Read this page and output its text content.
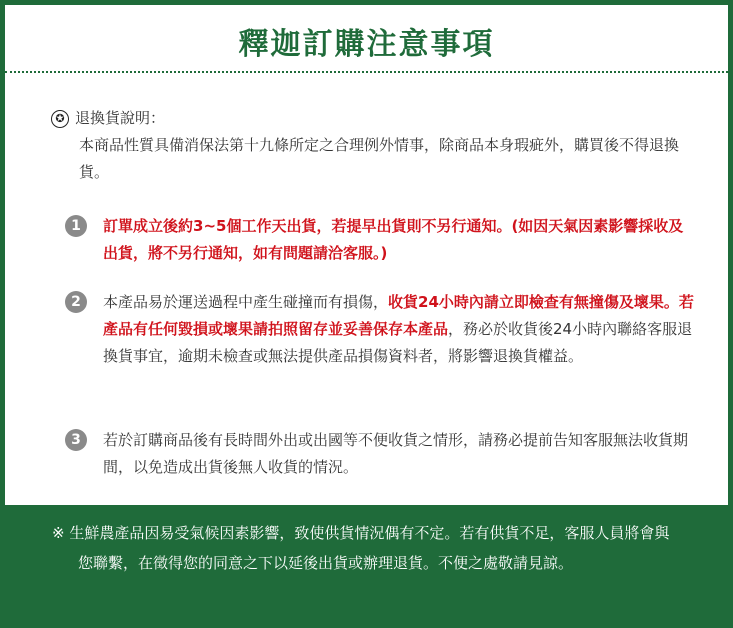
釋迦訂購注意事項
✪ 退換貨說明：
本商品性質具備消保法第十九條所定之合理例外情事，除商品本身瑕疵外，購買後不得退換貨。
1	訂單成立後約3~5個工作天出貨，若提早出貨則不另行通知。(如因天氣因素影響採收及出貨，將不另行通知，如有問題請洽客服。)
2	本產品易於運送過程中產生碰撞而有損傷，收貨24小時內請立即檢查有無撞傷及壞果。若產品有任何毀損或壞果請拍照留存並妥善保存本產品，務必於收貨後24小時內聯絡客服退換貨事宜，逾期未檢查或無法提供產品損傷資料者，將影響退換貨權益。
3	若於訂購商品後有長時間外出或出國等不便收貨之情形，請務必提前告知客服無法收貨期間，以免造成出貨後無人收貨的情況。
※ 生鮮農產品因易受氣候因素影響，致使供貨情況偶有不定。若有供貨不足，客服人員將會與您聯繫，在徵得您的同意之下以延後出貨或辦理退貨。不便之處敬請見諒。
